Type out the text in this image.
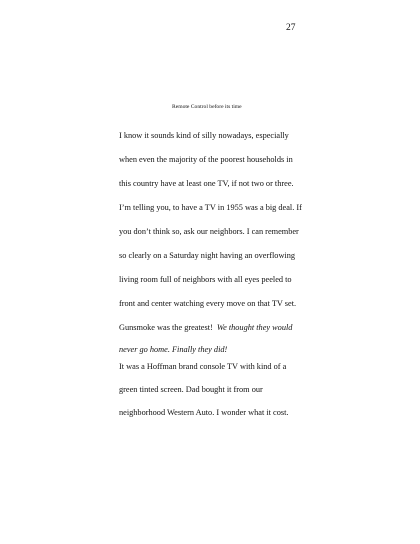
27
Remote Control before its time
I know it sounds kind of silly nowadays, especially
when even the majority of the poorest households in
this country have at least one TV, if not two or three.
I’m telling you, to have a TV in 1955 was a big deal. If
you don’t think so, ask our neighbors. I can remember
so clearly on a Saturday night having an overflowing
living room full of neighbors with all eyes peeled to
front and center watching every move on that TV set.
Gunsmoke was the greatest!  We thought they would
never go home. Finally they did!
It was a Hoffman brand console TV with kind of a
green tinted screen. Dad bought it from our
neighborhood Western Auto. I wonder what it cost.
